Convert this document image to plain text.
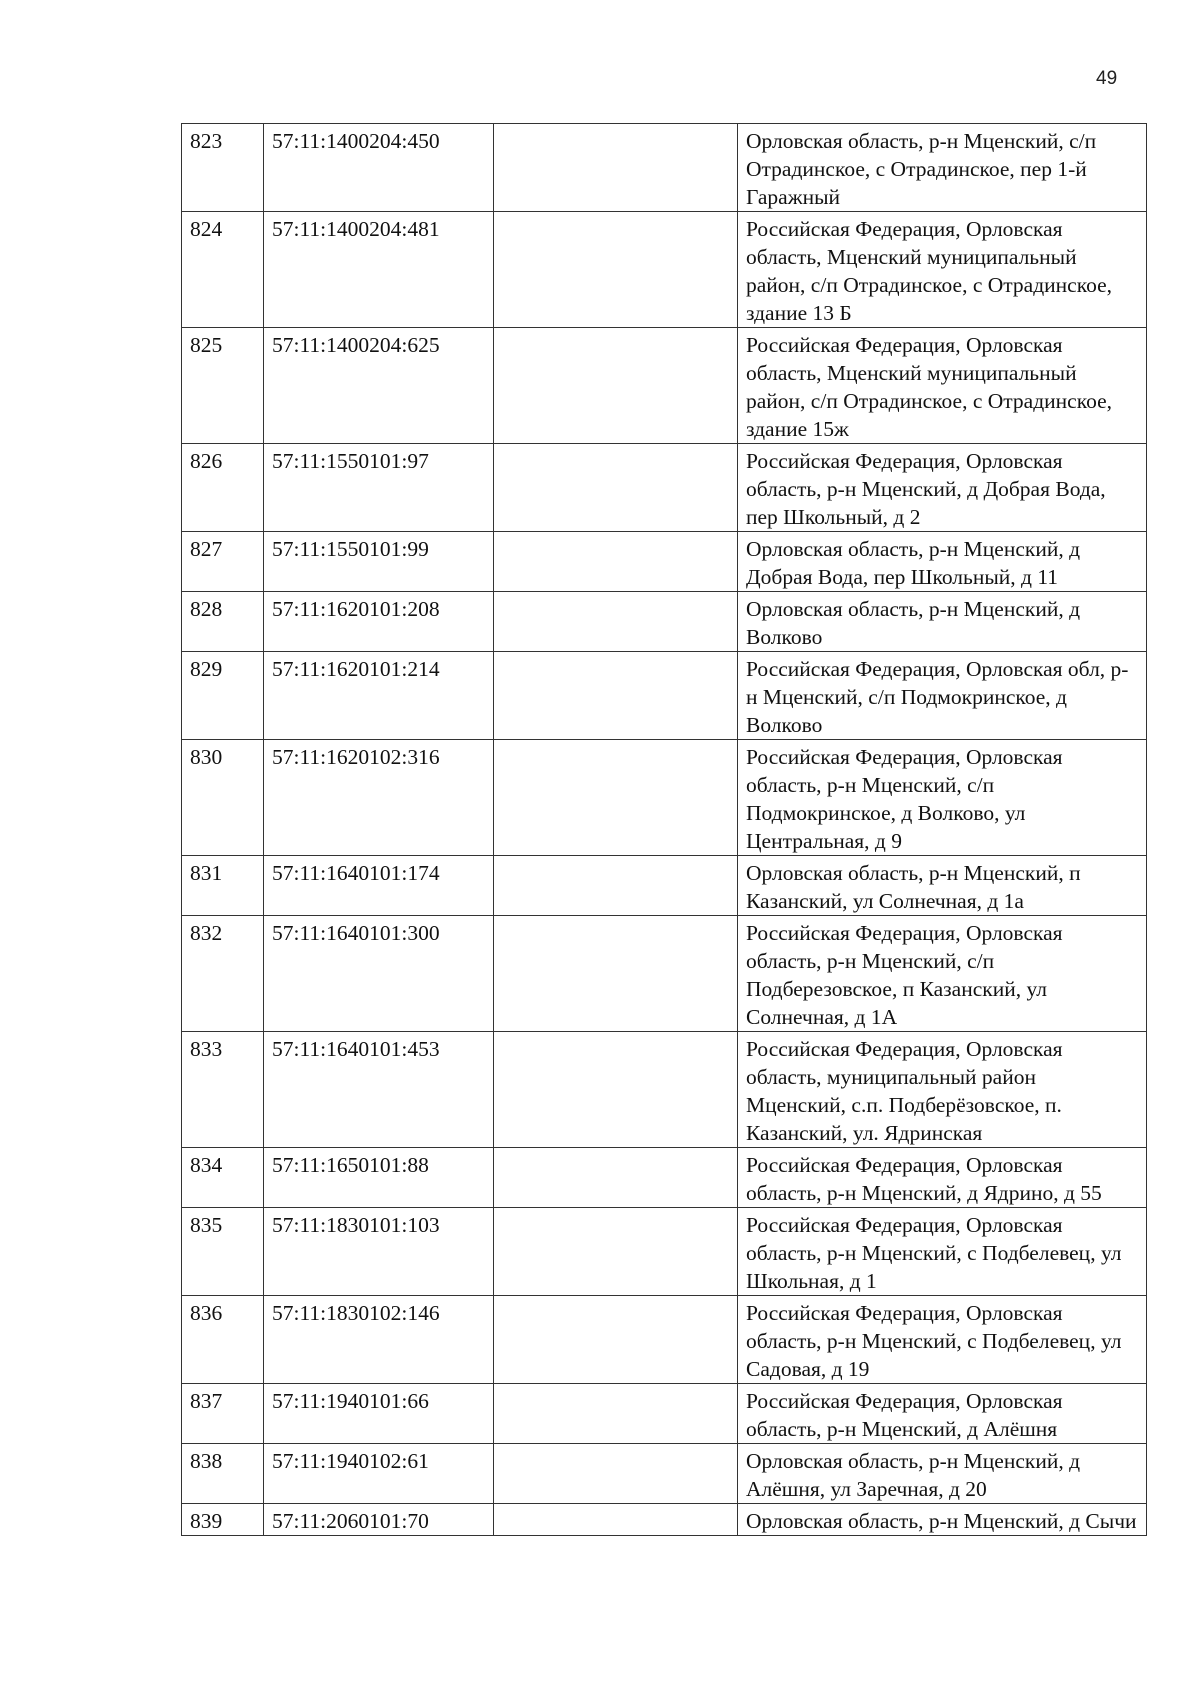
49
823	57:11:1400204:450		Орловская область, р-н Мценский, с/п Отрадинское, с Отрадинское, пер 1-й Гаражный
824	57:11:1400204:481		Российская Федерация, Орловская область, Мценский муниципальный район, с/п Отрадинское, с Отрадинское, здание 13 Б
825	57:11:1400204:625		Российская Федерация, Орловская область, Мценский муниципальный район, с/п Отрадинское, с Отрадинское, здание 15ж
826	57:11:1550101:97		Российская Федерация, Орловская область, р-н Мценский, д Добрая Вода, пер Школьный, д 2
827	57:11:1550101:99		Орловская область, р-н Мценский, д Добрая Вода, пер Школьный, д 11
828	57:11:1620101:208		Орловская область, р-н Мценский, д Волково
829	57:11:1620101:214		Российская Федерация, Орловская обл, р-н Мценский, с/п Подмокринское, д Волково
830	57:11:1620102:316		Российская Федерация, Орловская область, р-н Мценский, с/п Подмокринское, д Волково, ул Центральная, д 9
831	57:11:1640101:174		Орловская область, р-н Мценский, п Казанский, ул Солнечная, д 1а
832	57:11:1640101:300		Российская Федерация, Орловская область, р-н Мценский, с/п Подберезовское, п Казанский, ул Солнечная, д 1А
833	57:11:1640101:453		Российская Федерация, Орловская область, муниципальный район Мценский, с.п. Подберёзовское, п. Казанский, ул. Ядринская
834	57:11:1650101:88		Российская Федерация, Орловская область, р-н Мценский, д Ядрино, д 55
835	57:11:1830101:103		Российская Федерация, Орловская область, р-н Мценский, с Подбелевец, ул Школьная, д 1
836	57:11:1830102:146		Российская Федерация, Орловская область, р-н Мценский, с Подбелевец, ул Садовая, д 19
837	57:11:1940101:66		Российская Федерация, Орловская область, р-н Мценский, д Алёшня
838	57:11:1940102:61		Орловская область, р-н Мценский, д Алёшня, ул Заречная, д 20
839	57:11:2060101:70		Орловская область, р-н Мценский, д Сычи
